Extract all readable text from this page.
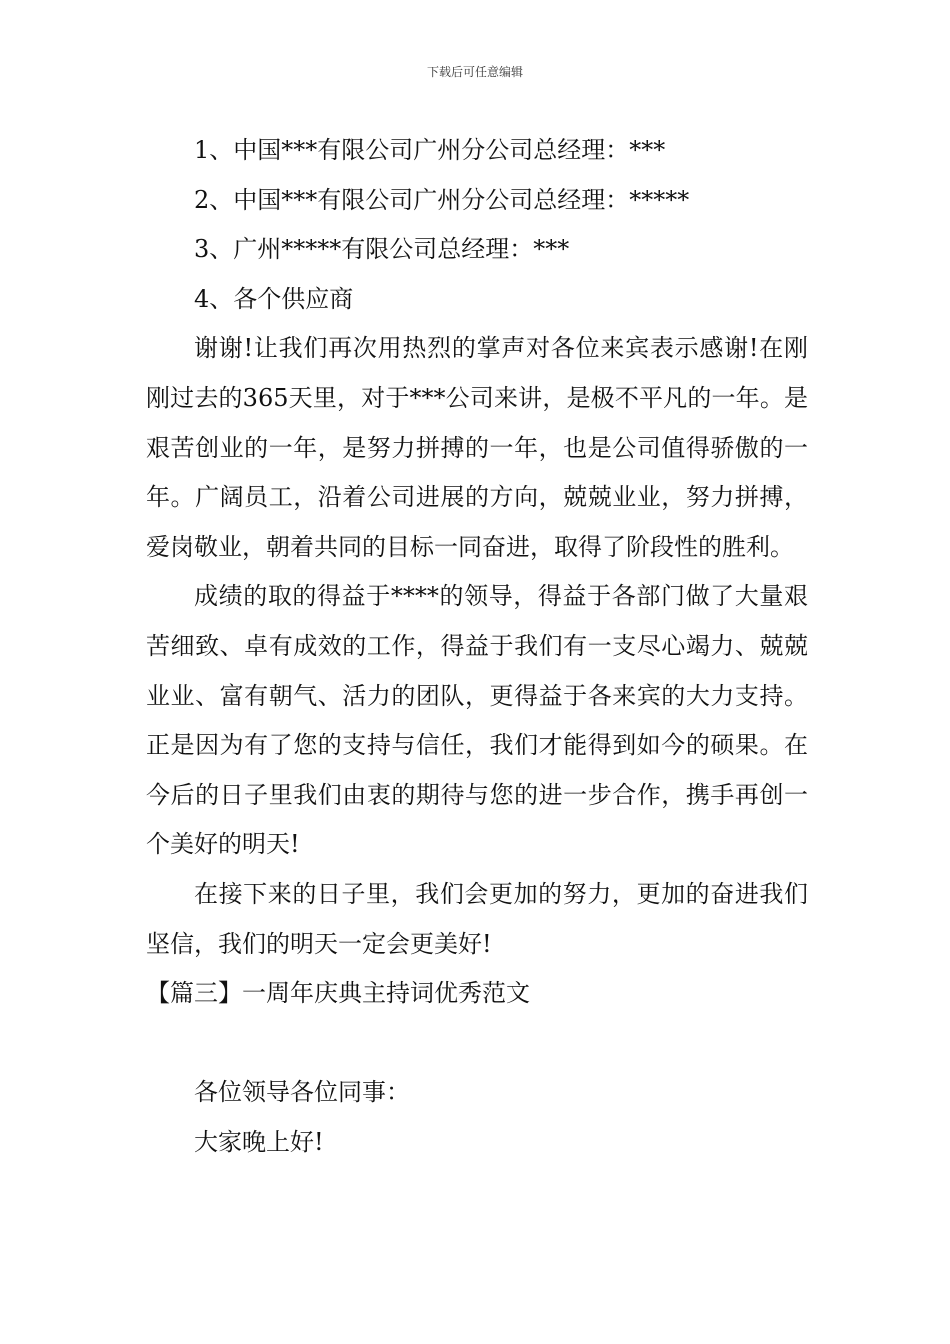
下载后可任意编辑

1、中国***有限公司广州分公司总经理：***

2、中国***有限公司广州分公司总经理：*****

3、广州*****有限公司总经理：***

4、各个供应商

谢谢!让我们再次用热烈的掌声对各位来宾表示感谢!在刚刚过去的365天里，对于***公司来讲，是极不平凡的一年。是艰苦创业的一年，是努力拼搏的一年，也是公司值得骄傲的一年。广阔员工，沿着公司进展的方向，兢兢业业，努力拼搏，爱岗敬业，朝着共同的目标一同奋进，取得了阶段性的胜利。

成绩的取的得益于****的领导，得益于各部门做了大量艰苦细致、卓有成效的工作，得益于我们有一支尽心竭力、兢兢业业、富有朝气、活力的团队，更得益于各来宾的大力支持。正是因为有了您的支持与信任，我们才能得到如今的硕果。在今后的日子里我们由衷的期待与您的进一步合作，携手再创一个美好的明天!

在接下来的日子里，我们会更加的努力，更加的奋进我们坚信，我们的明天一定会更美好!

【篇三】一周年庆典主持词优秀范文

各位领导各位同事：

大家晚上好!
